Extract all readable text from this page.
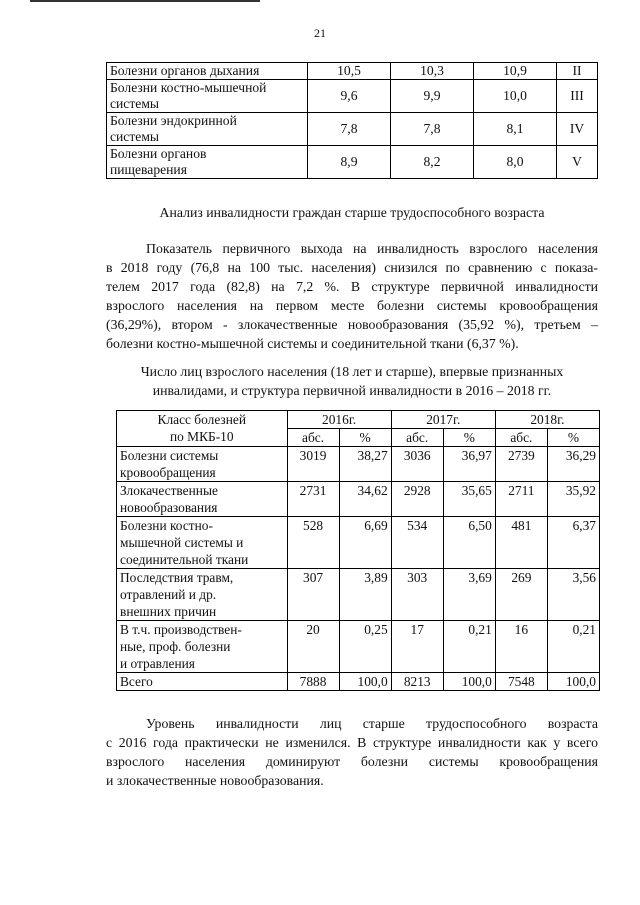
21
Болезни органов дыхания	10,5	10,3	10,9	II

Болезни костно-мышечной
системы	9,6	9,9	10,0	III

Болезни эндокринной
системы	7,8	7,8	8,1	IV

Болезни органов
пищеварения	8,9	8,2	8,0	V
Анализ инвалидности граждан старше трудоспособного возраста

Показатель первичного выхода на инвалидность взрослого населения
в 2018 году (76,8 на 100 тыс. населения) снизился по сравнению с показа-
телем 2017 года (82,8) на 7,2 %. В структуре первичной инвалидности
взрослого населения на первом месте болезни системы кровообращения
(36,29%), втором - злокачественные новообразования (35,92 %), третьем –
болезни костно-мышечной системы и соединительной ткани (6,37 %).

Число лиц взрослого населения (18 лет и старше), впервые признанных
инвалидами, и структура первичной инвалидности в 2016 – 2018 гг.
Класс болезней
по МКБ-10	2016г.		2017г.		2018г.	
	абс.	%	абс.	%	абс.	%

Болезни системы
кровообращения	3019	38,27	3036	36,97	2739	36,29

Злокачественные
новообразования	2731	34,62	2928	35,65	2711	35,92

Болезни костно-
мышечной системы и
соединительной ткани	528	6,69	534	6,50	481	6,37

Последствия травм,
отравлений и др.
внешних причин	307	3,89	303	3,69	269	3,56

В т.ч. производствен-
ные, проф. болезни
и отравления	20	0,25	17	0,21	16	0,21

Всего	7888	100,0	8213	100,0	7548	100,0

Уровень инвалидности лиц старше трудоспособного возраста
с 2016 года практически не изменился. В структуре инвалидности как у всего
взрослого населения доминируют болезни системы кровообращения
и злокачественные новообразования.
